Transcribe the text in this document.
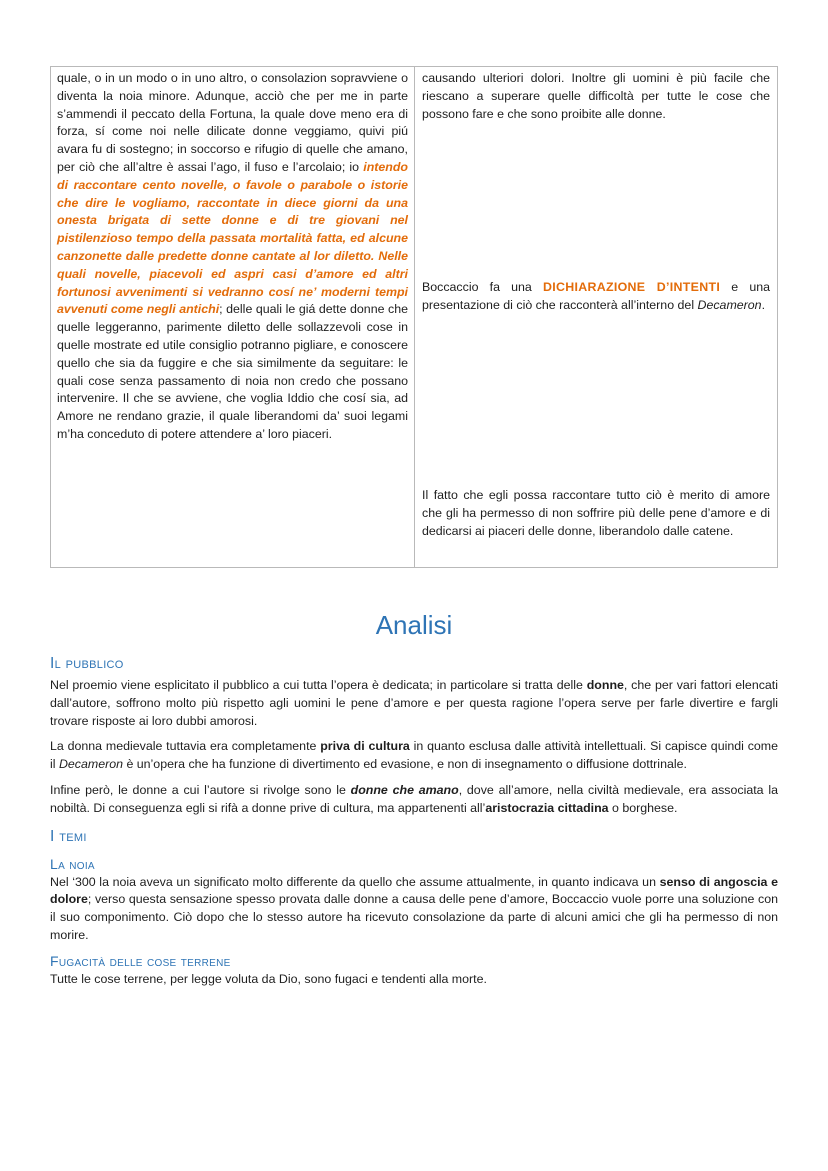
quale, o in un modo o in uno altro, o consolazion sopravviene o diventa la noia minore. Adunque, acciò che per me in parte s’ammendi il peccato della Fortuna, la quale dove meno era di forza, sí come noi nelle dilicate donne veggiamo, quivi piú avara fu di sostegno; in soccorso e rifugio di quelle che amano, per ciò che all’altre è assai l’ago, il fuso e l’arcolaio; io intendo di raccontare cento novelle, o favole o parabole o istorie che dire le vogliamo, raccontate in diece giorni da una onesta brigata di sette donne e di tre giovani nel pistilenzioso tempo della passata mortalità fatta, ed alcune canzonette dalle predette donne cantate al lor diletto. Nelle quali novelle, piacevoli ed aspri casi d’amore ed altri fortunosi avvenimenti si vedranno cosí ne’ moderni tempi avvenuti come negli antichi; delle quali le giá dette donne che quelle leggeranno, parimente diletto delle sollazzevoli cose in quelle mostrate ed utile consiglio potranno pigliare, e conoscere quello che sia da fuggire e che sia similmente da seguitare: le quali cose senza passamento di noia non credo che possano intervenire. Il che se avviene, che voglia Iddio che cosí sia, ad Amore ne rendano grazie, il quale liberandomi da’ suoi legami m’ha conceduto di potere attendere a’ loro piaceri.

causando ulteriori dolori. Inoltre gli uomini è più facile che riescano a superare quelle difficoltà per tutte le cose che possono fare e che sono proibite alle donne.

Boccaccio fa una DICHIARAZIONE D’INTENTI e una presentazione di ciò che racconterà all’interno del Decameron.

Il fatto che egli possa raccontare tutto ciò è merito di amore che gli ha permesso di non soffrire più delle pene d’amore e di dedicarsi ai piaceri delle donne, liberandolo dalle catene.

Analisi
Il pubblico

Nel proemio viene esplicitato il pubblico a cui tutta l’opera è dedicata; in particolare si tratta delle donne, che per vari fattori elencati dall’autore, soffrono molto più rispetto agli uomini le pene d’amore e per questa ragione l’opera serve per farle divertire e fargli trovare risposte ai loro dubbi amorosi.

La donna medievale tuttavia era completamente priva di cultura in quanto esclusa dalle attività intellettuali. Si capisce quindi come il Decameron è un’opera che ha funzione di divertimento ed evasione, e non di insegnamento o diffusione dottrinale.

Infine però, le donne a cui l’autore si rivolge sono le donne che amano, dove all’amore, nella civiltà medievale, era associata la nobiltà. Di conseguenza egli si rifà a donne prive di cultura, ma appartenenti all’aristocrazia cittadina o borghese.

I temi
La noia

Nel ‘300 la noia aveva un significato molto differente da quello che assume attualmente, in quanto indicava un senso di angoscia e dolore; verso questa sensazione spesso provata dalle donne a causa delle pene d’amore, Boccaccio vuole porre una soluzione con il suo componimento. Ciò dopo che lo stesso autore ha ricevuto consolazione da parte di alcuni amici che gli ha permesso di non morire.

Fugacità delle cose terrene

Tutte le cose terrene, per legge voluta da Dio, sono fugaci e tendenti alla morte.
